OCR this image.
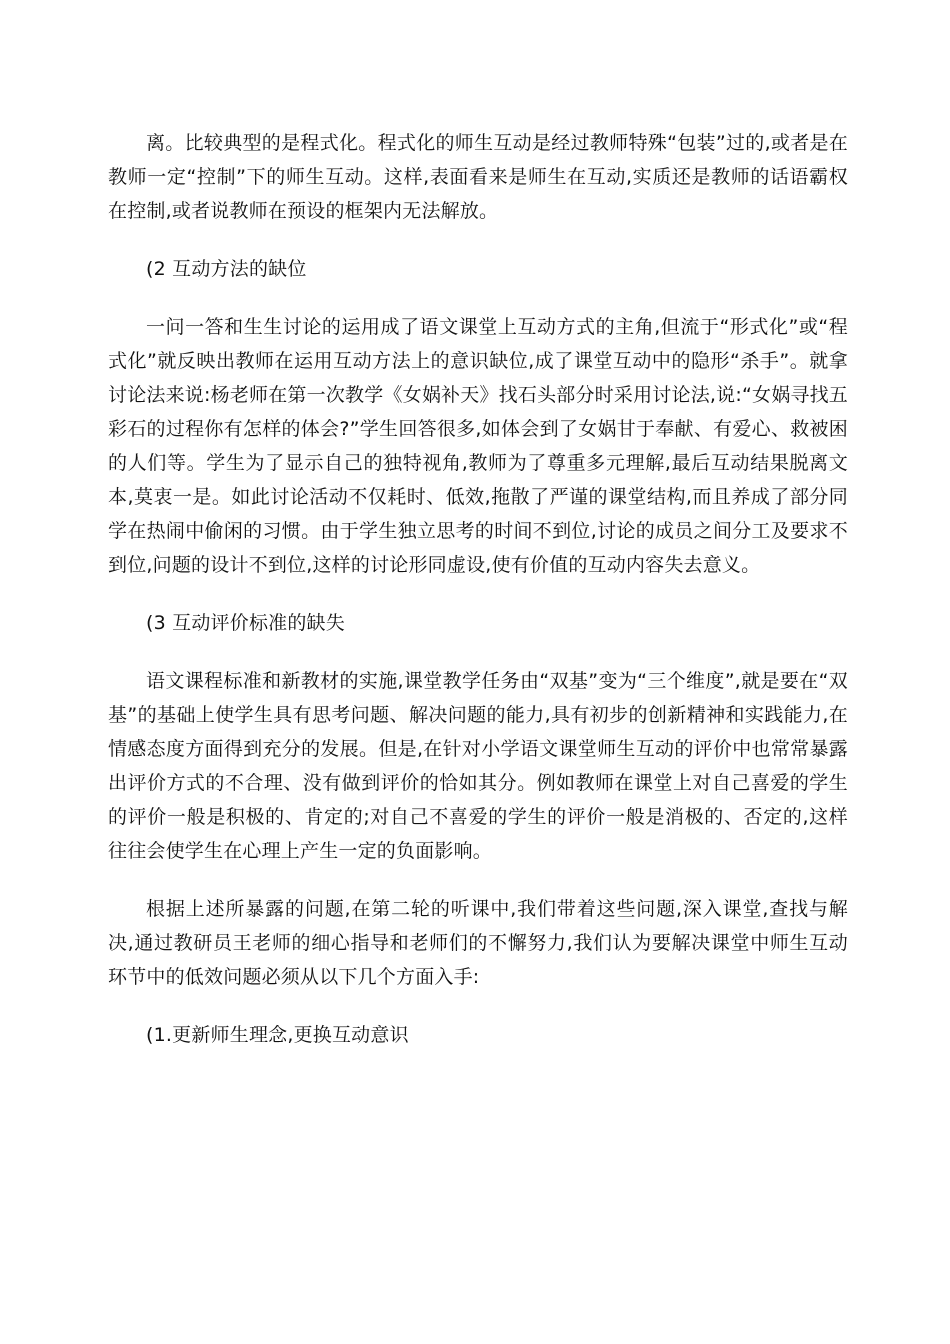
离。比较典型的是程式化。程式化的师生互动是经过教师特殊“包装”过的,或者是在教师一定“控制”下的师生互动。这样,表面看来是师生在互动,实质还是教师的话语霸权在控制,或者说教师在预设的框架内无法解放。

(2 互动方法的缺位

一问一答和生生讨论的运用成了语文课堂上互动方式的主角,但流于“形式化”或“程式化”就反映出教师在运用互动方法上的意识缺位,成了课堂互动中的隐形“杀手”。就拿讨论法来说:杨老师在第一次教学《女娲补天》找石头部分时采用讨论法,说:“女娲寻找五彩石的过程你有怎样的体会?”学生回答很多,如体会到了女娲甘于奉献、有爱心、救被困的人们等。学生为了显示自己的独特视角,教师为了尊重多元理解,最后互动结果脱离文本,莫衷一是。如此讨论活动不仅耗时、低效,拖散了严谨的课堂结构,而且养成了部分同学在热闹中偷闲的习惯。由于学生独立思考的时间不到位,讨论的成员之间分工及要求不到位,问题的设计不到位,这样的讨论形同虚设,使有价值的互动内容失去意义。

(3 互动评价标准的缺失

语文课程标准和新教材的实施,课堂教学任务由“双基”变为“三个维度”,就是要在“双基”的基础上使学生具有思考问题、解决问题的能力,具有初步的创新精神和实践能力,在情感态度方面得到充分的发展。但是,在针对小学语文课堂师生互动的评价中也常常暴露出评价方式的不合理、没有做到评价的恰如其分。例如教师在课堂上对自己喜爱的学生的评价一般是积极的、肯定的;对自己不喜爱的学生的评价一般是消极的、否定的,这样往往会使学生在心理上产生一定的负面影响。

根据上述所暴露的问题,在第二轮的听课中,我们带着这些问题,深入课堂,查找与解决,通过教研员王老师的细心指导和老师们的不懈努力,我们认为要解决课堂中师生互动环节中的低效问题必须从以下几个方面入手:

(1.更新师生理念,更换互动意识
